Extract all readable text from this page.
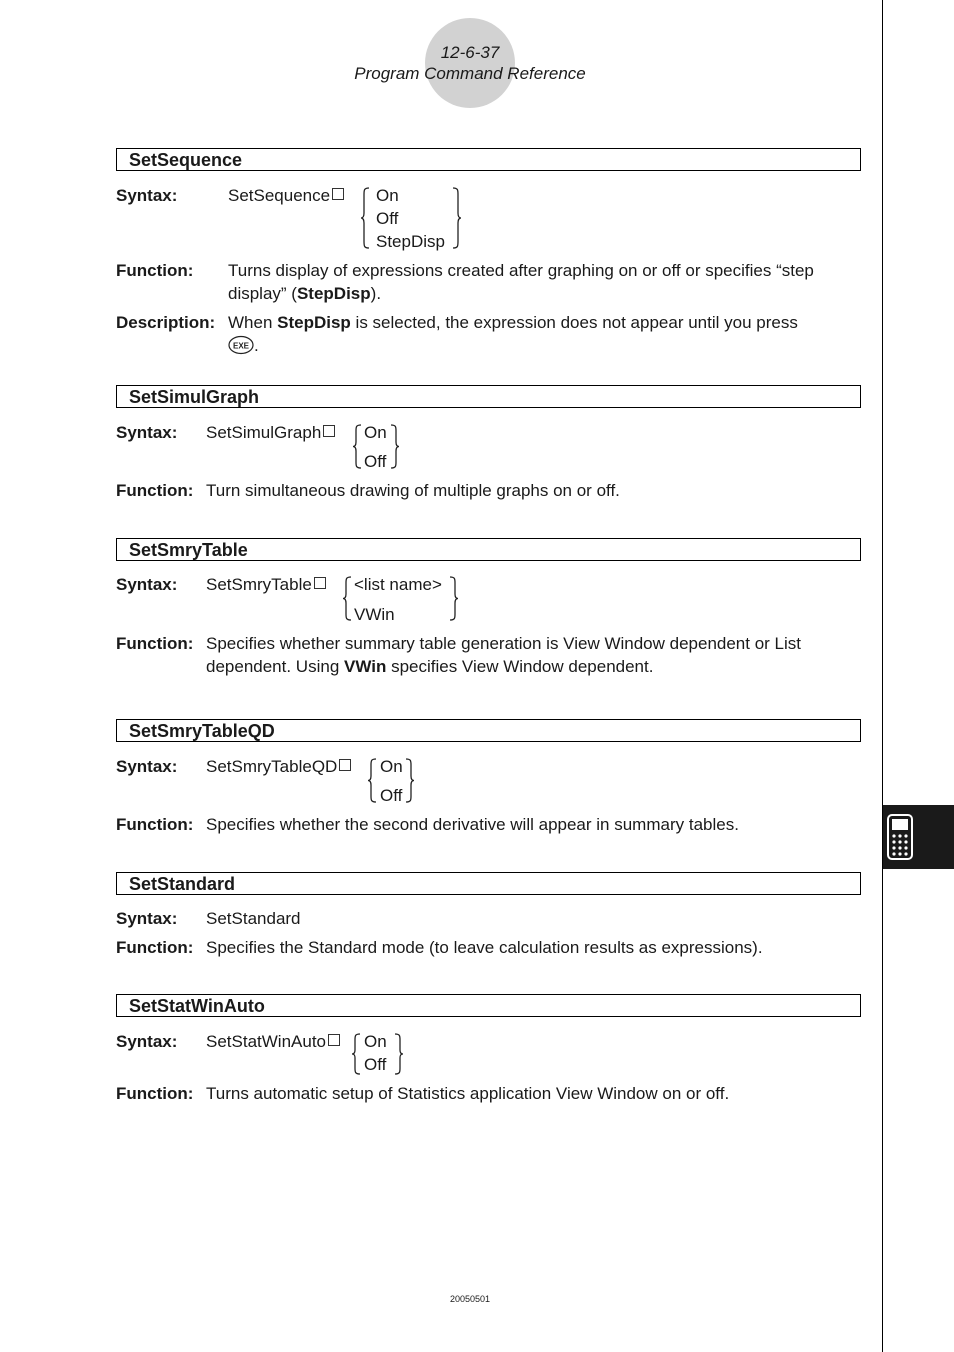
12-6-37
Program Command Reference
SetSequence
Syntax:	SetSequence	On
Off
StepDisp
Function: Turns display of expressions created after graphing on or off or specifies “step display” (StepDisp).
Description: When StepDisp is selected, the expression does not appear until you press
EXE .
SetSimulGraph
Syntax: SetSimulGraph	On
Off
Function: Turn simultaneous drawing of multiple graphs on or off.
SetSmryTable
Syntax: SetSmryTable	<list name>
VWin
Function: Specifies whether summary table generation is View Window dependent or List dependent. Using VWin specifies View Window dependent.
SetSmryTableQD
Syntax: SetSmryTableQD	On
Off
Function: Specifies whether the second derivative will appear in summary tables.
SetStandard
Syntax: SetStandard
Function: Specifies the Standard mode (to leave calculation results as expressions).
SetStatWinAuto
Syntax: SetStatWinAuto	On
Off
Function: Turns automatic setup of Statistics application View Window on or off.
20050501
